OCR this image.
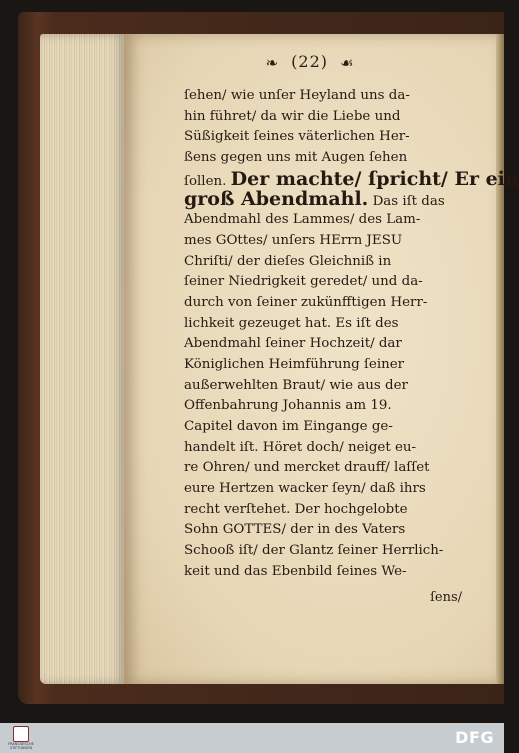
❧ (22) ☙
ſehen/ wie unſer Heyland uns da-
hin führet/ da wir die Liebe und
Süßigkeit ſeines väterlichen Her-
ßens gegen uns mit Augen ſehen
ſollen. Der machte/ ſpricht/ Er ein
groß Abendmahl. Das iſt das
Abendmahl des Lammes/ des Lam-
mes GOttes/ unſers HErrn JESU
Chriſti/ der dieſes Gleichniß in
ſeiner Niedrigkeit geredet/ und da-
durch von ſeiner zukünfftigen Herr-
lichkeit gezeuget hat. Es iſt des
Abendmahl ſeiner Hochzeit/ dar
Königlichen Heimführung ſeiner
außerwehlten Braut/ wie aus der
Offenbahrung Johannis am 19.
Capitel davon im Eingange ge-
handelt iſt. Höret doch/ neiget eu-
re Ohren/ und mercket drauff/ laſſet
eure Hertzen wacker ſeyn/ daß ihrs
recht verſtehet. Der hochgelobte
Sohn GOTTES/ der in des Vaters
Schooß iſt/ der Glantz ſeiner Herrlich-
keit und das Ebenbild ſeines We-
ſens/
FRANCKESCHE STIFTUNGEN
DFG
